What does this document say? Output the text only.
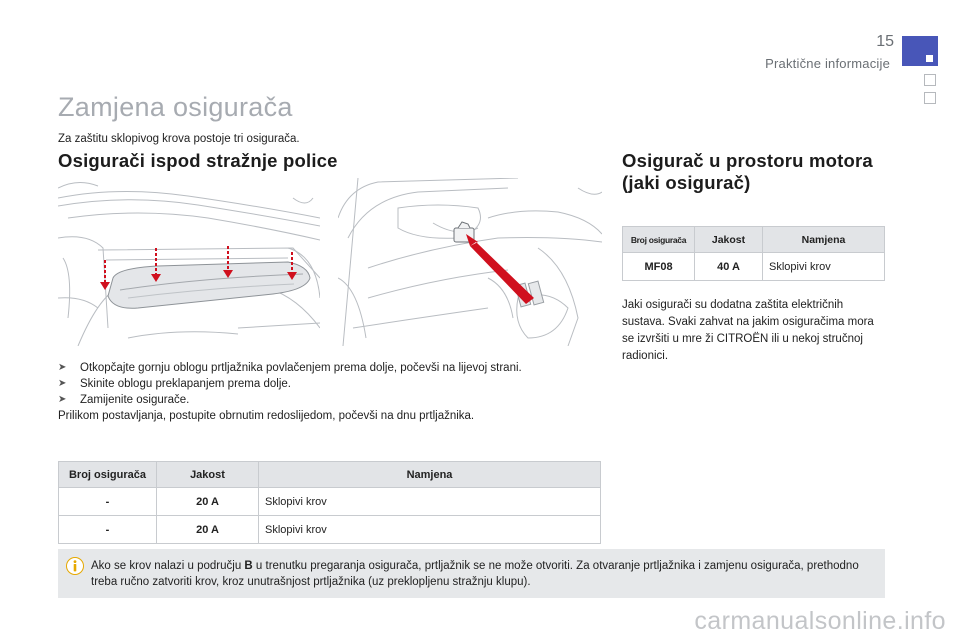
15
Praktične informacije
Zamjena osigurača
Za zaštitu sklopivog krova postoje tri osigurača.
Osigurači ispod stražnje police	Osigurač u prostoru motora (jaki osigurač)
➤	Otkopčajte gornju oblogu prtljažnika povlačenjem prema dolje, počevši na lijevoj strani.
➤	Skinite oblogu preklapanjem prema dolje.
➤	Zamijenite osigurače.
Prilikom postavljanja, postupite obrnutim redoslijedom, počevši na dnu prtljažnika.
Broj osigurača	Jakost	Namjena
-	20 A	Sklopivi krov
-	20 A	Sklopivi krov
Broj osigurača	Jakost	Namjena
MF08	40 A	Sklopivi krov
Jaki osigurači su dodatna zaštita električnih sustava. Svaki zahvat na jakim osiguračima mora se izvršiti u mre ži CITROËN ili u nekoj stručnoj radionici.
Ako se krov nalazi u području B u trenutku pregaranja osigurača, prtljažnik se ne može otvoriti. Za otvaranje prtljažnika i zamjenu osigurača, prethodno treba ručno zatvoriti krov, kroz unutrašnjost prtljažnika (uz preklopljenu stražnju klupu).
carmanualsonline.info
